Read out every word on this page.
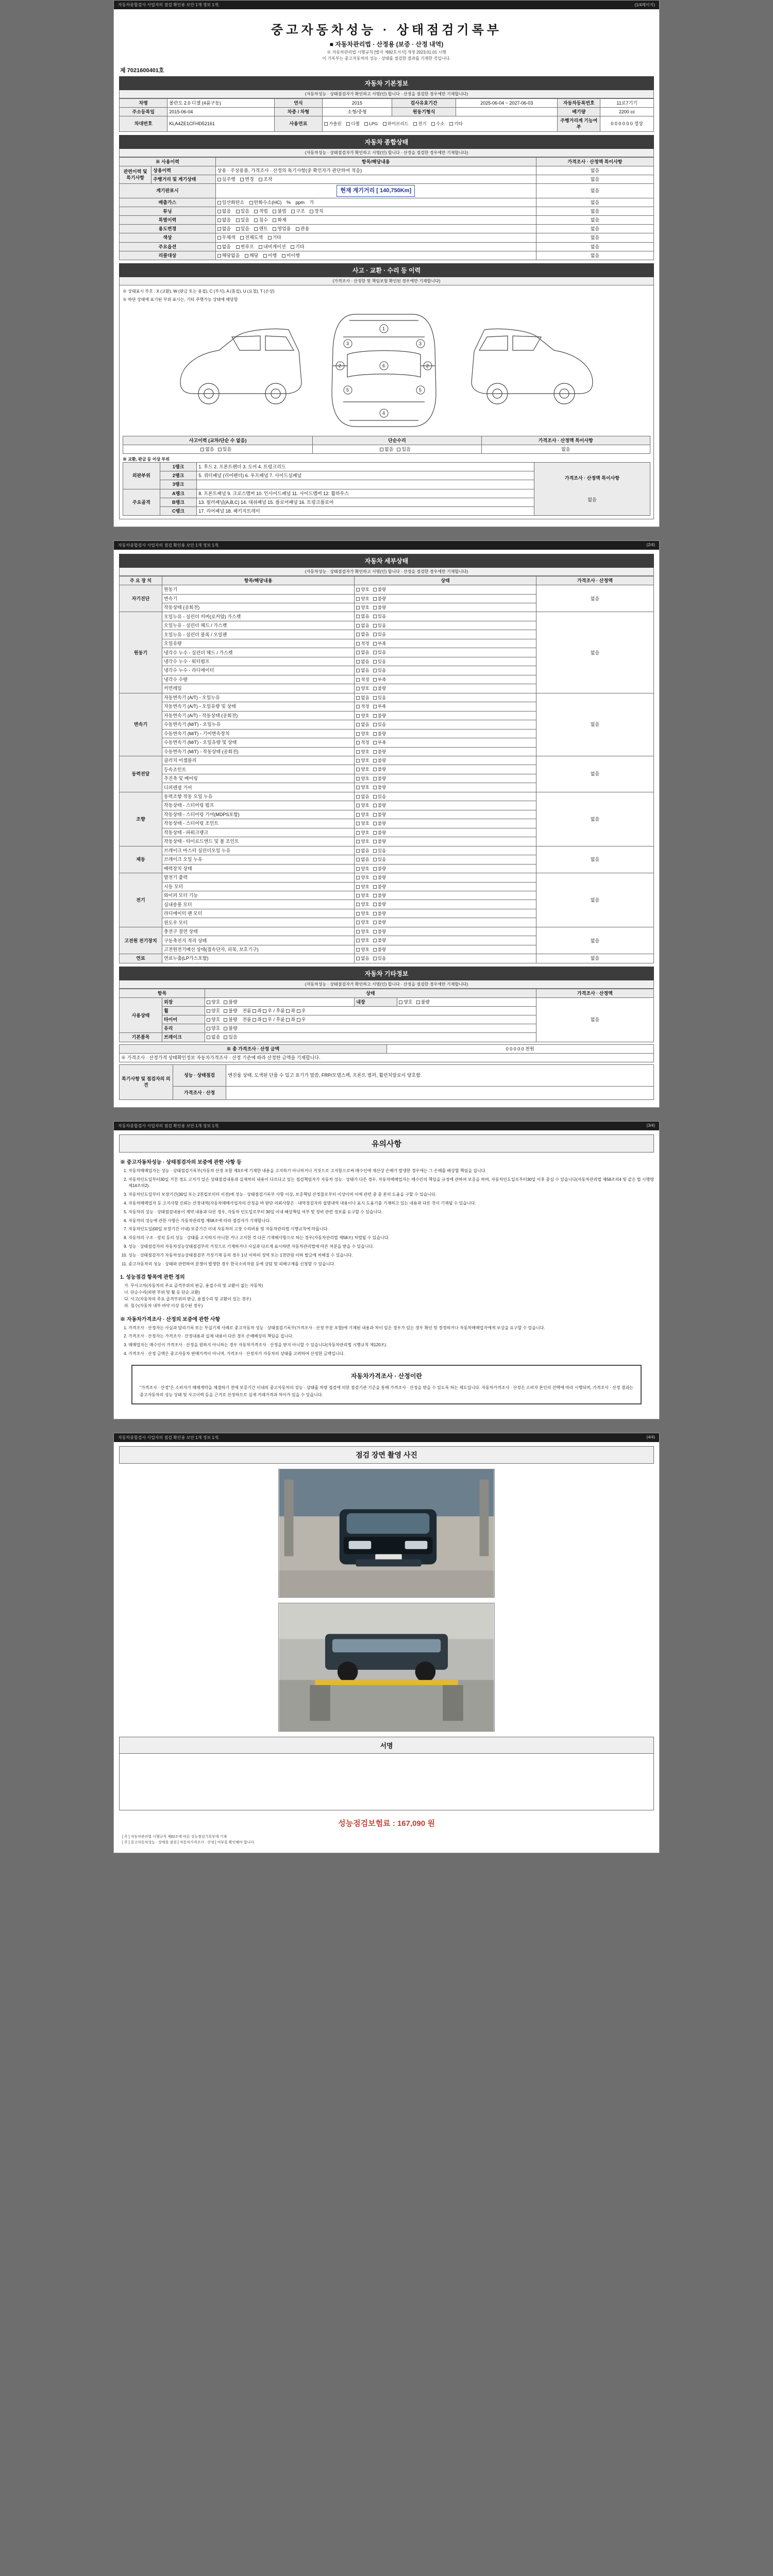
자동차종합검사 사업자의 점검 확인용 보안 1개 정보 1개.	(1/4페이지)
중고자동차성능 · 상태점검기록부
■ 자동차관리법 · 산정용 (보증 · 산정 내역)
※ 자동차관리법 시행규칙 [별지 제82호서식] 개정 2023.01.01 시행
이 기록부는 중고자동차의 성능 · 상태를 점검한 결과를 기재한 것입니다.
제 7021600401호
자동차 기본정보
(자동차성능 · 상태점검자가 확인하고 서명(인) 합니다 · 산정을 점검한 경우에만 기재합니다)
차명	볼란도 2.0 디젤 (4륜구동)	연식	2015	검사유효기간	2025-06-04 ~ 2027-06-03	자동차등록번호	11로7기기
주소등록일	2015-06-04	차종 / 차형	소형/중형	원동기형식		배기량	2200 cc
차대번호	KLA4ZE1CFHD52161	사용연료	가솔린 디젤 LPG 하이브리드 전기 수소 기타			주행거리계 기능여부	0 0 0 0 0 0 정상
자동차 종합상태
(자동차성능 · 상태점검자가 확인하고 서명(인) 합니다 · 산정을 점검한 경우에만 기재합니다)
※ 사용이력		항목/해당내용	가격조사 · 산정액 특이사항
관련이력 및 특기사항	상용이력	상용 · 주상용품, 가격조사 · 산정의 특기사항(중 확인자가 판단하여 적음)	없음
	주행거리 및 계기상태	실주행 변경 조작	없음
계기판표시		현재 계기거리 [ 140,750Km]	없음
배출가스		일산화탄소 탄화수소(HC) % ppm 가	없음
튜닝		없음 있음 적법 불법 구조 장치	없음
특별이력		없음 있음 침수 화재	없음
용도변경		없음 있음 렌트 영업용 관용	없음
색상		무채색 전체도색 기타	없음
주요옵션		없음 썬루프 내비게이션 기타	없음
리콜대상		해당없음 해당 이행 미이행	없음
사고 · 교환 · 수리 등 이력
(가격조사 · 산정한 및 책임보험 확인된 경우에만 기재합니다)
※ 상태표시 부호 : X (교환), W (판금 또는 용접), C (부식), A (흠집), U (요철), T (손상)
※ 하단 상태에 표기된 부위 표시는, 기타 주행가능 상태에 해당함
1
2	2
4
6
5	5
3	3
사고이력 (교차/단순 수 없음)	단순수리	가격조사 · 산정액 특이사항
없음 있음	없음 있음	없음
※ 교환, 판금 등 이상 부위
외판부위	1랭크	1. 후드 2. 프론트펜더 3. 도어 4. 트렁크리드	가격조사 · 산정액 특이사항
없음

	2랭크	5. 쿼터패널 (리어펜더) 6. 루프패널 7. 사이드실패널	
	3랭크		
주요골격	A랭크	8. 프론트패널 9. 크로스멤버 10. 인사이드패널 11. 사이드멤버 12. 휠하우스	
	B랭크	13. 필러패널(A,B,C) 14. 대쉬패널 15. 플로어패널 16. 트렁크플로어	
	C랭크	17. 리어패널 18. 패키지트레이	
자동차종합검사 사업자의 점검 확인용 보안 1개 정보 1개.	(2/4)
자동차 세부상태
(자동차성능 · 상태점검자가 확인하고 서명(인) 합니다 · 산정을 점검한 경우에만 기재합니다)
주 요 장 치	항목/해당내용	상태	가격조사 · 산정액
자기진단	원동기	양호 불량	없음
	변속기	양호 불량	
	작동상태 (공회전)	양호 불량	
원동기	오일누유 - 실린더 커버(로커암) 가스켓	없음 있음	없음
	오일누유 - 실린더 헤드 / 가스켓	없음 있음	
	오일누유 - 실린더 블록 / 오일팬	없음 있음	
	오일유량	적정 부족	
	냉각수 누수 - 실린더 헤드 / 가스켓	없음 있음	
	냉각수 누수 - 워터펌프	없음 있음	
	냉각수 누수 - 라디에이터	없음 있음	
	냉각수 수량	적정 부족	
	커먼레일	양호 불량	
변속기	자동변속기 (A/T) - 오일누유	없음 있음	없음
	자동변속기 (A/T) - 오일유량 및 상태	적정 부족	
	자동변속기 (A/T) - 작동상태 (공회전)	양호 불량	
	수동변속기 (M/T) - 오일누유	없음 있음	
	수동변속기 (M/T) - 기어변속장치	양호 불량	
	수동변속기 (M/T) - 오일유량 및 상태	적정 부족	
	수동변속기 (M/T) - 작동상태 (공회전)	양호 불량	
동력전달	클러치 어셈블리	양호 불량	없음
	등속조인트	양호 불량	
	추진축 및 베어링	양호 불량	
	디퍼렌셜 기어	양호 불량	
조향	동력조향 작동 오일 누유	없음 있음	없음
	작동상태 - 스티어링 펌프	양호 불량	
	작동상태 - 스티어링 기어(MDPS포함)	양호 불량	
	작동상태 - 스티어링 조인트	양호 불량	
	작동상태 - 파워크랭크	양호 불량	
	작동상태 - 타이로드엔드 및 볼 조인트	양호 불량	
제동	브레이크 마스터 실린더오일 누유	없음 있음	없음
	브레이크 오일 누유	없음 있음	
	배력장치 상태	양호 불량	
전기	발전기 출력	양호 불량	없음
	시동 모터	양호 불량	
	와이퍼 모터 기능	양호 불량	
	실내송풍 모터	양호 불량	
	라디에이터 팬 모터	양호 불량	
	윈도우 모터	양호 불량	
고전원 전기장치	충전구 절연 상태	양호 불량	없음
	구동축전지 격리 상태	양호 불량	
	고전원전기배선 상태(접속단자, 피복, 보호기구)	양호 불량	
연료	연료누출(LP가스포함)	없음 있음	없음
자동차 기타정보
(자동차성능 · 상태점검자가 확인하고 서명(인) 합니다 · 산정을 점검한 경우에만 기재합니다)
항목		상태			가격조사 · 산정액
사용상태	외장	양호 불량	내장	양호 불량	없음
	휠	양호 불량 전륜 좌 우 / 후륜 좌 우			
	타이어	양호 불량 전륜 좌 우 / 후륜 좌 우			
	유리	양호 불량			
기본품목	브레이크	없음 있음			
※ 총 가격조사 · 산정 금액	0 0 0 0 0 천원
※ 가격조사 · 산정가격 상태확인정보 자동차가격조사 · 산정 기준에 따라 산정한 금액을 기재합니다.
특기사항 및 점검자의 의견	성능 · 상태점검	엔진룸 상태, 도색된 단품 수 있고 표기가 말씀, FRP/모델스펙, 프론트 범퍼, 휠런치알로이 양호함.
	가격조사 · 산정	
자동차종합검사 사업자의 점검 확인용 보안 1개 정보 1개.	(3/4)
유의사항
※ 중고자동차성능 · 상태점검자의 보증에 관한 사항 등
1. 자동차매매업자는 성능 · 상태점검기록부(자동차 산정 포함 제3조에 기재한 내용을 고지하기 아니하거나 거짓으로 고지함으로써 매수인에 재산상 손해가 발생한 경우에는 그 손해를 배상할 책임을 집니다.
2. 자동차인도일부터30일 거친 정도 고지가 있은 상태점검내용과 실제차의 내용이 다르다고 있는 점검책임자가 자동차 성능 · 상태가 다른 경우, 자동차매매업자는 매수인의 책임을 규정에 관하여 보증을 하며, 자동차인도일로부터30일 이후 중심 수 있습니다(자동차관리법 제58조의4 및 같은 법 시행령 제14조의2).
3. 자동차인도일부터 보장기간(30일 또는 2천킬로미터 이전)에 성능 · 상태점검기록부 사항 이상, 보증책임 산정물로부터 이상이며 이에 관련 중 중 본의 도움을 구할 수 있습니다.
4. 자동차매매업자 등 고지사항 신뢰는 산정내역(자동차매매사업자의 산정을 바 판단 의뢰사항은 · 내역정검자의 설명내역 내용이나 표시 도움기를 기재하고 있는 내용과 다른 것이 기재될 수 있습니다.
5. 자동차의 성능 · 상태점검내용이 계약 내용과 다른 경우, 자동차 인도일로부터 30일 이내 배상책임 여부 및 정비 관련 정보를 요구할 수 있습니다.
6. 자동차의 성능에 관한 사항은 자동차관리법 제58조에 따라 점검자가 기재합니다.
7. 자동차인도일(00일 보장기간 이내) 보증기간 이내 자동차의 고장 수리비용 및 자동차관리법 시행규칙에 따릅니다.
8. 자동차의 구조 · 장치 등의 성능 · 상태를 고지하지 아니한 거나 고지한 것 다른 기재해사항으로 하는 경우(자동차관리법 제58조) 처벌될 수 있습니다.
9. 성능 · 상태점검자의 자동차성능상태점검부의 거짓으로 기재하거나 사실과 다르게 표시하면 자동차관리법에 따른 처분을 받을 수 있습니다.
10. 성능 · 상태점검자가 자동차성능상태점검부 거짓기재 등의 경우 1년 이하의 징역 또는 1천만원 이하 벌금에 처해질 수 있습니다.
11. 중고자동차의 성능 · 상태와 관련하여 분쟁이 발생한 경우 한국소비자원 등에 상담 및 피해구제를 신청할 수 있습니다.
1. 성능점검 항목에 관한 정의
가. 무사고차(자동차의 주요 골격부위의 판금, 용접수리 및 교환이 없는 자동차)
나. 단순수리(외판 부위 및 휠 등 단순 교환)
다. 사고(자동차의 주요 골격부위의 판금, 용접수리 및 교환이 있는 경우)
라. 침수(자동차 내부 바닥 이상 침수된 경우)
※ 자동차가격조사 · 산정의 보증에 관한 사항
1. 가격조사 · 산정자는 사실과 달리기록 또는 부실기재 사례로 중고자동차 성능 · 상태점검기록부(가격조사 · 산정 부분 포함)에 기재된 내용과 차이 있은 경우가 있는 경우 확인 및 경정하거나 자동차매매업자에게 보상을 요구할 수 있습니다.
2. 가격조사 · 산정자는 가격조사 · 산정내용과 실제 내용이 다른 경우 손해배상의 책임을 집니다.
3. 매매업자는 매수인이 가격조사 · 산정을 원하지 아니하는 경우 자동차가격조사 · 산정을 받지 아니할 수 있습니다(자동차관리법 시행규칙 제120조).
4. 가격조사 · 산정 금액은 중고자동차 판매가격이 아니며, 가격조사 · 산정자가 자동차의 상태를 고려하여 산정한 금액입니다.
자동차가격조사 · 산정이란
"가격조사 · 산정"은 소비자가 매매계약을 체결하기 전에 보증기간 이내의 중고자동차의 성능 · 상태를 차량 점검에 의한 점검기관 기준을 통해 가격조사 · 산정을 받을 수 있도록 하는 제도입니다. 자동차가격조사 · 산정은 소비자 본인의 선택에 따라 시행되며, 가격조사 · 산정 결과는 중고자동차의 성능 상태 및 사고이력 등을 근거로 산정하므로 실제 거래가격과 차이가 있을 수 있습니다.
자동차종합검사 사업자의 점검 확인용 보안 1개 정보 1개.	(4/4)
점검 장면 촬영 사진
서명
성능점검보험료 : 167,090 원
[ 주 ] 자동차관리법 시행규칙 제82조에 따른 성능점검기록부에 기재
[ 주 ] 중고자동차성능 · 상태를 점검 [ 자동차가격조사 · 산정 ] 여부를 확인해야 합니다.
